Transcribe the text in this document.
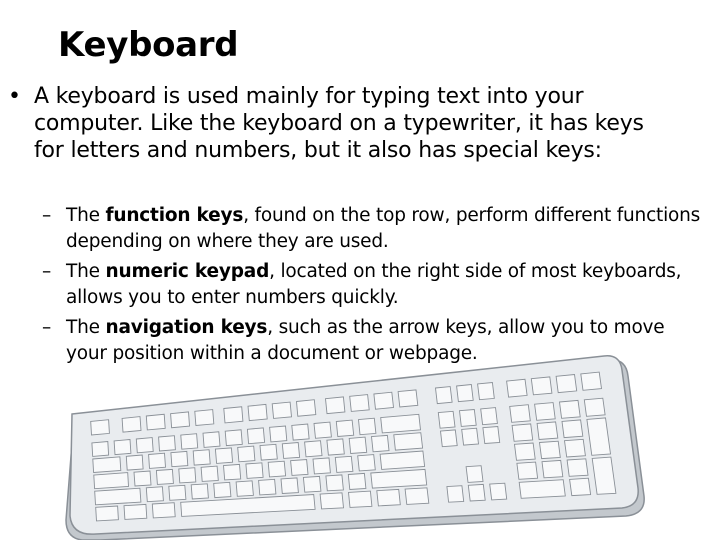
Keyboard
• A keyboard is used mainly for typing text into your computer. Like the keyboard on a typewriter, it has keys for letters and numbers, but it also has special keys:
– The function keys, found on the top row, perform different functions depending on where they are used.
– The numeric keypad, located on the right side of most keyboards, allows you to enter numbers quickly.
– The navigation keys, such as the arrow keys, allow you to move your position within a document or webpage.
